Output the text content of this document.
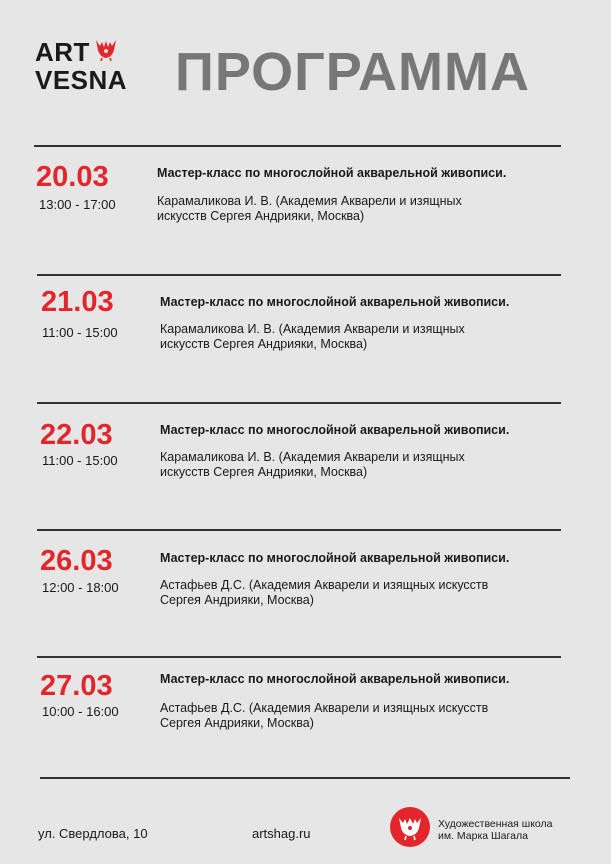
ART
VESNA ПРОГРАММА
20.03
13:00 - 17:00
Мастер-класс по многослойной акварельной живописи.
Карамаликова И. В. (Академия Акварели и изящных
искусств Сергея Андрияки, Москва)
21.03
11:00 - 15:00
Мастер-класс по многослойной акварельной живописи.
Карамаликова И. В. (Академия Акварели и изящных
искусств Сергея Андрияки, Москва)
22.03
11:00 - 15:00
Мастер-класс по многослойной акварельной живописи.
Карамаликова И. В. (Академия Акварели и изящных
искусств Сергея Андрияки, Москва)
26.03
12:00 - 18:00
Мастер-класс по многослойной акварельной живописи.
Астафьев Д.С. (Академия Акварели и изящных искусств
Сергея Андрияки, Москва)
27.03
10:00 - 16:00
Мастер-класс по многослойной акварельной живописи.
Астафьев Д.С. (Академия Акварели и изящных искусств
Сергея Андрияки, Москва)
ул. Свердлова, 10	artshag.ru
Художественная школа
им. Марка Шагала
